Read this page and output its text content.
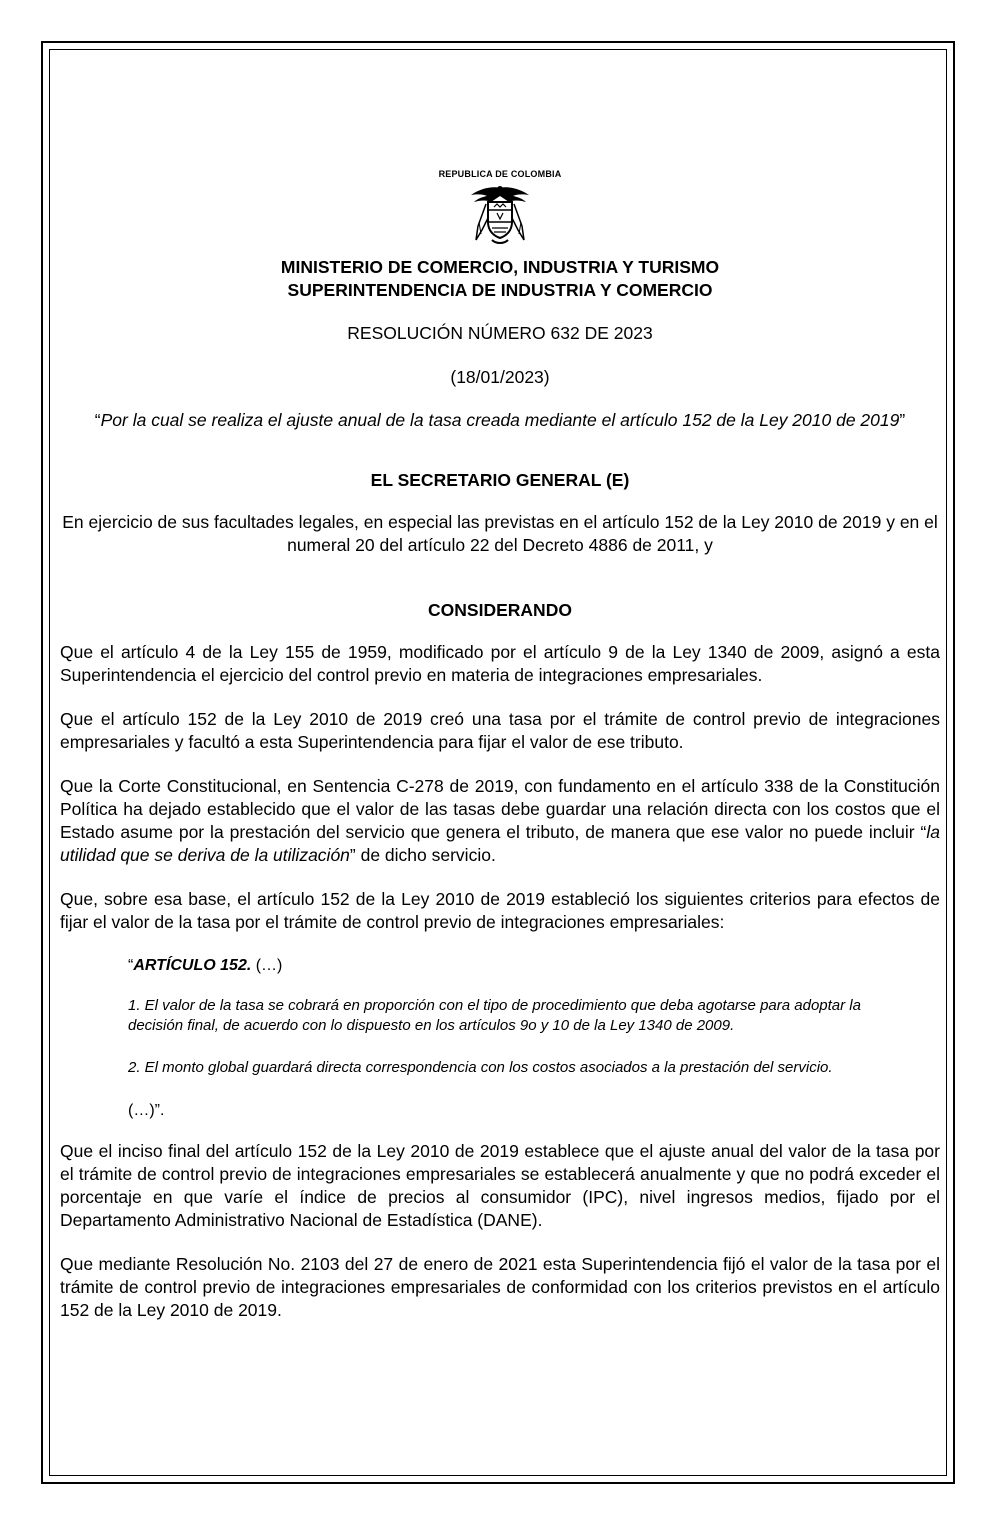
REPUBLICA DE COLOMBIA
MINISTERIO DE COMERCIO, INDUSTRIA Y TURISMO
SUPERINTENDENCIA DE INDUSTRIA Y COMERCIO
RESOLUCIÓN NÚMERO 632 DE 2023
(18/01/2023)
“Por la cual se realiza el ajuste anual de la tasa creada mediante el artículo 152 de la Ley 2010 de 2019”
EL SECRETARIO GENERAL (E)
En ejercicio de sus facultades legales, en especial las previstas en el artículo 152 de la Ley 2010 de 2019 y en el numeral 20 del artículo 22 del Decreto 4886 de 2011, y
CONSIDERANDO

Que el artículo 4 de la Ley 155 de 1959, modificado por el artículo 9 de la Ley 1340 de 2009, asignó a esta Superintendencia el ejercicio del control previo en materia de integraciones empresariales.

Que el artículo 152 de la Ley 2010 de 2019 creó una tasa por el trámite de control previo de integraciones empresariales y facultó a esta Superintendencia para fijar el valor de ese tributo.

Que la Corte Constitucional, en Sentencia C-278 de 2019, con fundamento en el artículo 338 de la Constitución Política ha dejado establecido que el valor de las tasas debe guardar una relación directa con los costos que el Estado asume por la prestación del servicio que genera el tributo, de manera que ese valor no puede incluir “la utilidad que se deriva de la utilización” de dicho servicio.

Que, sobre esa base, el artículo 152 de la Ley 2010 de 2019 estableció los siguientes criterios para efectos de fijar el valor de la tasa por el trámite de control previo de integraciones empresariales:

“ARTÍCULO 152. (…)

1. El valor de la tasa se cobrará en proporción con el tipo de procedimiento que deba agotarse para adoptar la decisión final, de acuerdo con lo dispuesto en los artículos 9o y 10 de la Ley 1340 de 2009.

2. El monto global guardará directa correspondencia con los costos asociados a la prestación del servicio.

(…)”.

Que el inciso final del artículo 152 de la Ley 2010 de 2019 establece que el ajuste anual del valor de la tasa por el trámite de control previo de integraciones empresariales se establecerá anualmente y que no podrá exceder el porcentaje en que varíe el índice de precios al consumidor (IPC), nivel ingresos medios, fijado por el Departamento Administrativo Nacional de Estadística (DANE).

Que mediante Resolución No. 2103 del 27 de enero de 2021 esta Superintendencia fijó el valor de la tasa por el trámite de control previo de integraciones empresariales de conformidad con los criterios previstos en el artículo 152 de la Ley 2010 de 2019.
